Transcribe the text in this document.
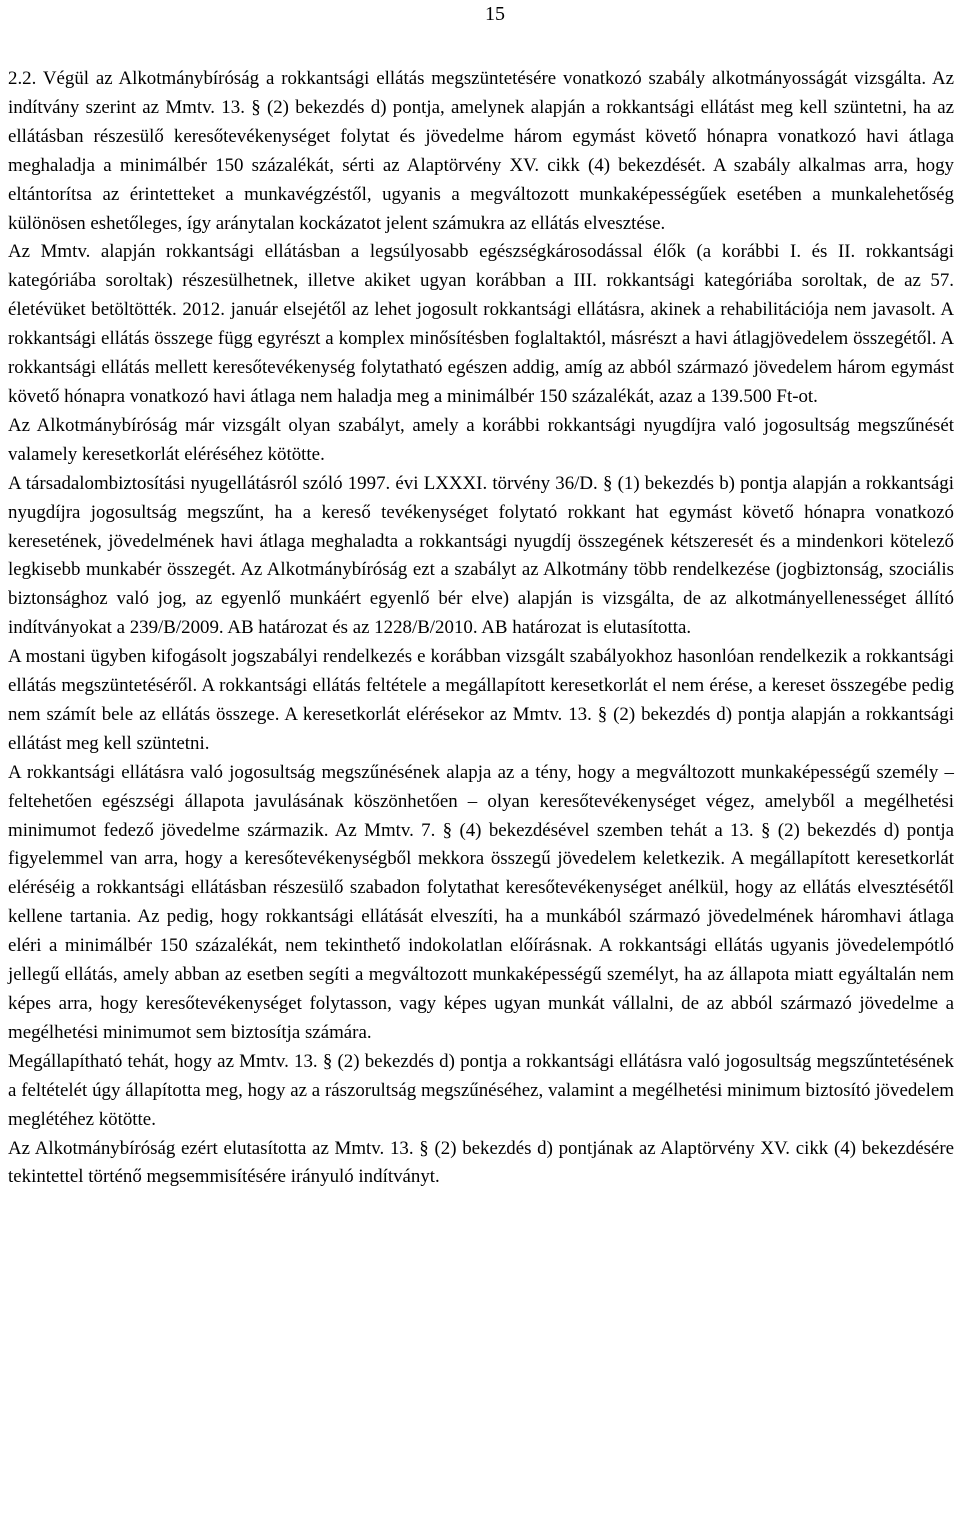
15

2.2. Végül az Alkotmánybíróság a rokkantsági ellátás megszüntetésére vonatkozó szabály alkotmányosságát vizsgálta. Az indítvány szerint az Mmtv. 13. § (2) bekezdés d) pontja, amelynek alapján a rokkantsági ellátást meg kell szüntetni, ha az ellátásban részesülő keresőtevékenységet folytat és jövedelme három egymást követő hónapra vonatkozó havi átlaga meghaladja a minimálbér 150 százalékát, sérti az Alaptörvény XV. cikk (4) bekezdését. A szabály alkalmas arra, hogy eltántorítsa az érintetteket a munkavégzéstől, ugyanis a megváltozott munkaképességűek esetében a munkalehetőség különösen eshetőleges, így aránytalan kockázatot jelent számukra az ellátás elvesztése.

Az Mmtv. alapján rokkantsági ellátásban a legsúlyosabb egészségkárosodással élők (a korábbi I. és II. rokkantsági kategóriába soroltak) részesülhetnek, illetve akiket ugyan korábban a III. rokkantsági kategóriába soroltak, de az 57. életévüket betöltötték. 2012. január elsejétől az lehet jogosult rokkantsági ellátásra, akinek a rehabilitációja nem javasolt. A rokkantsági ellátás összege függ egyrészt a komplex minősítésben foglaltaktól, másrészt a havi átlagjövedelem összegétől. A rokkantsági ellátás mellett keresőtevékenység folytatható egészen addig, amíg az abból származó jövedelem három egymást követő hónapra vonatkozó havi átlaga nem haladja meg a minimálbér 150 százalékát, azaz a 139.500 Ft-ot.

Az Alkotmánybíróság már vizsgált olyan szabályt, amely a korábbi rokkantsági nyugdíjra való jogosultság megszűnését valamely keresetkorlát eléréséhez kötötte.

A társadalombiztosítási nyugellátásról szóló 1997. évi LXXXI. törvény 36/D. § (1) bekezdés b) pontja alapján a rokkantsági nyugdíjra jogosultság megszűnt, ha a kereső tevékenységet folytató rokkant hat egymást követő hónapra vonatkozó keresetének, jövedelmének havi átlaga meghaladta a rokkantsági nyugdíj összegének kétszeresét és a mindenkori kötelező legkisebb munkabér összegét. Az Alkotmánybíróság ezt a szabályt az Alkotmány több rendelkezése (jogbiztonság, szociális biztonsághoz való jog, az egyenlő munkáért egyenlő bér elve) alapján is vizsgálta, de az alkotmányellenességet állító indítványokat a 239/B/2009. AB határozat és az 1228/B/2010. AB határozat is elutasította.

A mostani ügyben kifogásolt jogszabályi rendelkezés e korábban vizsgált szabályokhoz hasonlóan rendelkezik a rokkantsági ellátás megszüntetéséről. A rokkantsági ellátás feltétele a megállapított keresetkorlát el nem érése, a kereset összegébe pedig nem számít bele az ellátás összege. A keresetkorlát elérésekor az Mmtv. 13. § (2) bekezdés d) pontja alapján a rokkantsági ellátást meg kell szüntetni.

A rokkantsági ellátásra való jogosultság megszűnésének alapja az a tény, hogy a megváltozott munkaképességű személy – feltehetően egészségi állapota javulásának köszönhetően – olyan keresőtevékenységet végez, amelyből a megélhetési minimumot fedező jövedelme származik. Az Mmtv. 7. § (4) bekezdésével szemben tehát a 13. § (2) bekezdés d) pontja figyelemmel van arra, hogy a keresőtevékenységből mekkora összegű jövedelem keletkezik. A megállapított keresetkorlát eléréséig a rokkantsági ellátásban részesülő szabadon folytathat keresőtevékenységet anélkül, hogy az ellátás elvesztésétől kellene tartania. Az pedig, hogy rokkantsági ellátását elveszíti, ha a munkából származó jövedelmének háromhavi átlaga eléri a minimálbér 150 százalékát, nem tekinthető indokolatlan előírásnak. A rokkantsági ellátás ugyanis jövedelempótló jellegű ellátás, amely abban az esetben segíti a megváltozott munkaképességű személyt, ha az állapota miatt egyáltalán nem képes arra, hogy keresőtevékenységet folytasson, vagy képes ugyan munkát vállalni, de az abból származó jövedelme a megélhetési minimumot sem biztosítja számára.

Megállapítható tehát, hogy az Mmtv. 13. § (2) bekezdés d) pontja a rokkantsági ellátásra való jogosultság megszűntetésének a feltételét úgy állapította meg, hogy az a rászorultság megszűnéséhez, valamint a megélhetési minimum biztosító jövedelem meglétéhez kötötte.

Az Alkotmánybíróság ezért elutasította az Mmtv. 13. § (2) bekezdés d) pontjának az Alaptörvény XV. cikk (4) bekezdésére tekintettel történő megsemmisítésére irányuló indítványt.
